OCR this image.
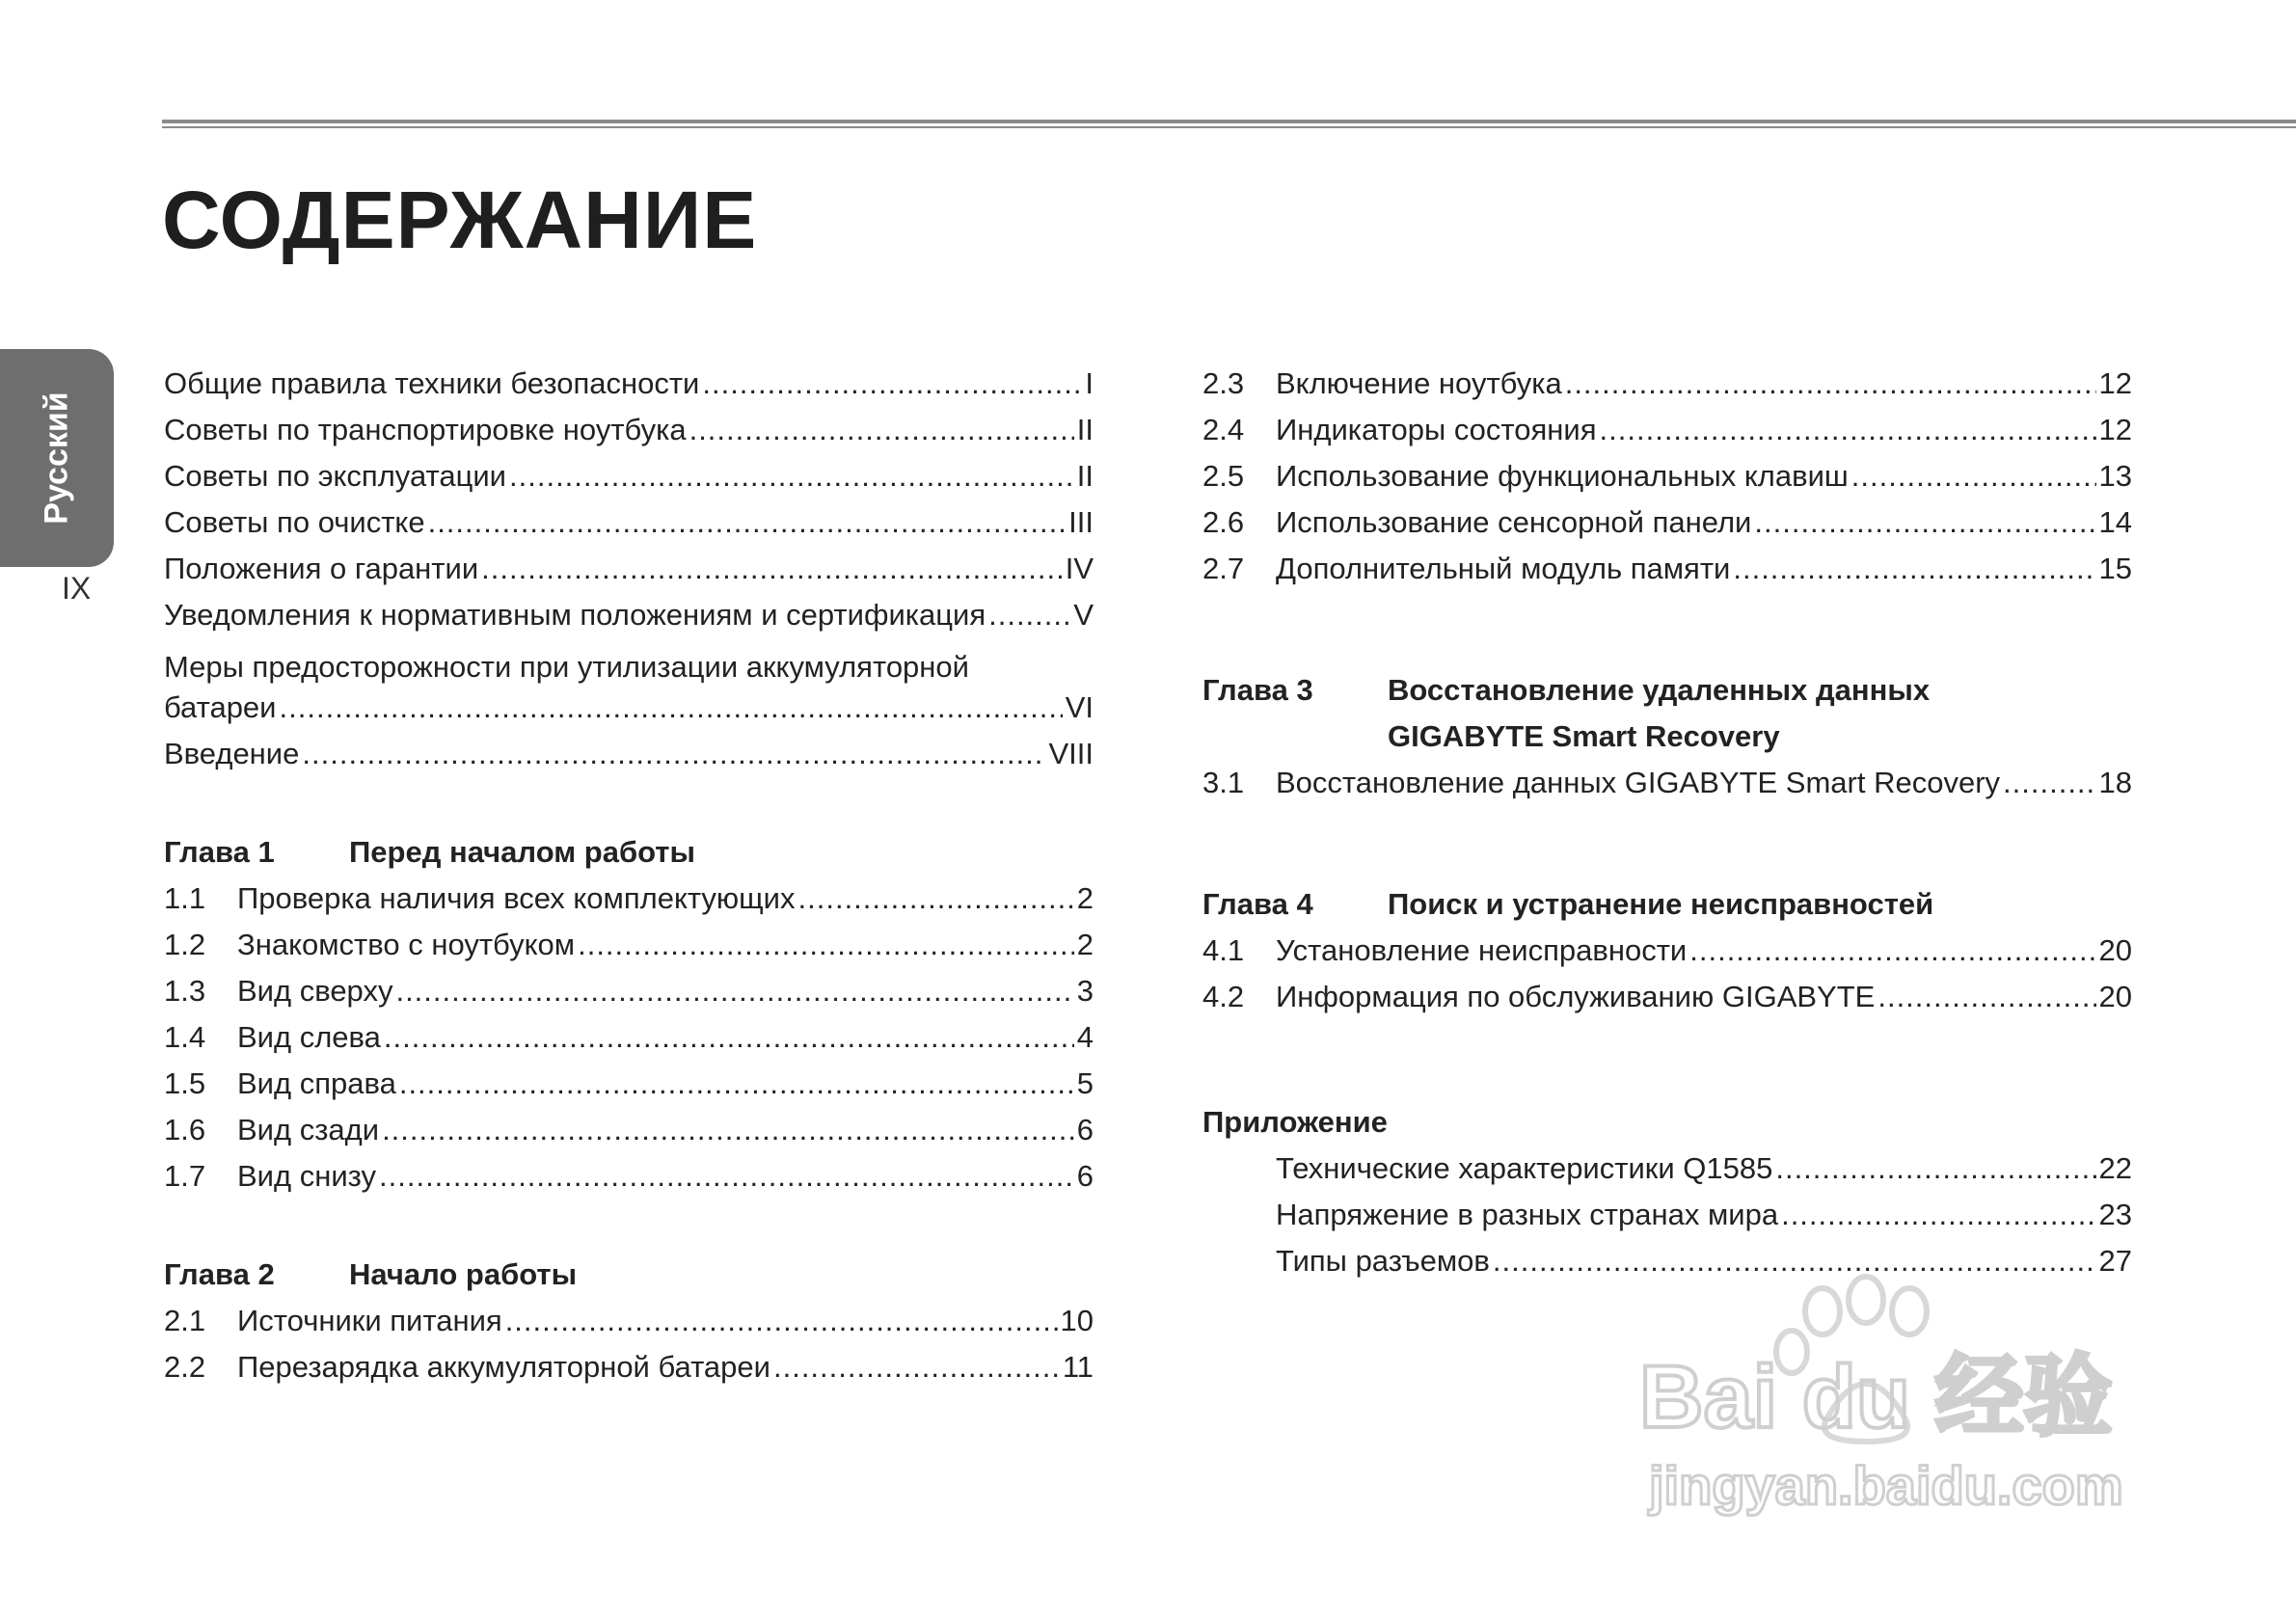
СОДЕРЖАНИЕ
Русский
IX
Общие правила техники безопасности .....	I
Советы по транспортировке ноутбука .....	II
Советы по эксплуатации .....	II
Советы по очистке .....	III
Положения о гарантии .....	IV
Уведомления к нормативным положениям и сертификация .....	V
Меры предосторожности при утилизации аккумуляторной
батареи .....	VI
Введение .....	VIII
Глава 1	Перед началом работы
1.1	Проверка наличия всех комплектующих .....	2
1.2	Знакомство с ноутбуком .....	2
1.3	Вид сверху .....	3
1.4	Вид слева .....	4
1.5	Вид справа .....	5
1.6	Вид сзади .....	6
1.7	Вид снизу .....	6
Глава 2	Начало работы
2.1	Источники питания .....	10
2.2	Перезарядка аккумуляторной батареи .....	11
2.3	Включение ноутбука .....	12
2.4	Индикаторы состояния .....	12
2.5	Использование функциональных клавиш .....	13
2.6	Использование сенсорной панели .....	14
2.7	Дополнительный модуль памяти .....	15
Глава 3	Восстановление удаленных данных
GIGABYTE Smart Recovery
3.1	Восстановление данных GIGABYTE Smart Recovery .....	18
Глава 4	Поиск и устранение неисправностей
4.1	Установление неисправности .....	20
4.2	Информация по обслуживанию GIGABYTE .....	20
Приложение
Технические характеристики Q1585 .....	22
Напряжение в разных странах мира .....	23
Типы разъемов .....	27
Bai du 经验
jingyan.baidu.com
